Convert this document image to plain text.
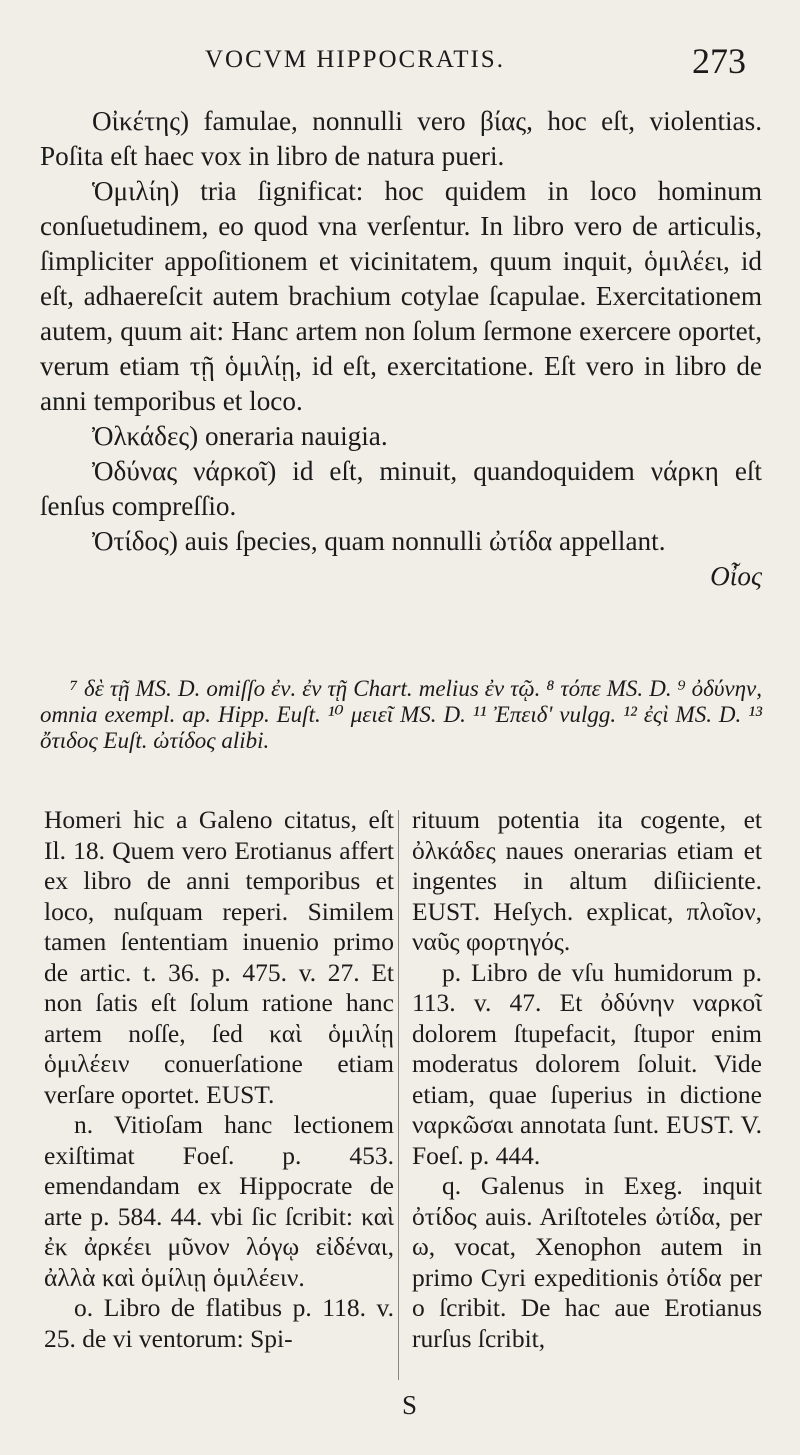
VOCVM HIPPOCRATIS.	273

Οἰκέτης) famulae, nonnulli vero βίας, hoc eſt, violentias. Poſita eſt haec vox in libro de natura pueri.

Ὁμιλίη) tria ſignificat: hoc quidem in loco hominum conſuetudinem, eo quod vna verſentur. In libro vero de articulis, ſimpliciter appoſitionem et vicinitatem, quum inquit, ὁμιλέει, id eſt, adhaereſcit autem brachium cotylae ſcapulae. Exercitationem autem, quum ait: Hanc artem non ſolum ſermone exercere oportet, verum etiam τῇ ὁμιλίῃ, id eſt, exercitatione. Eſt vero in libro de anni temporibus et loco.

Ὀλκάδες) oneraria nauigia.

Ὀδύνας νάρκοῖ) id eſt, minuit, quandoquidem νάρκη eſt ſenſus compreſſio.

Ὀτίδος) auis ſpecies, quam nonnulli ὠτίδα appellant.

Οἶος

⁷ δὲ τῇ MS. D. omiſſo ἐν. ἐν τῇ Chart. melius ἐν τῷ. ⁸ τόπε MS. D. ⁹ ὀδύνην, omnia exempl. ap. Hipp. Euſt. ¹⁰ μειεῖ MS. D. ¹¹ Ἐπειδ' vulgg. ¹² ἐςὶ MS. D. ¹³ ὄτιδος Euſt. ὠτίδος alibi.

Homeri hic a Galeno citatus, eſt Il. 18. Quem vero Erotianus affert ex libro de anni temporibus et loco, nuſquam reperi. Similem tamen ſententiam inuenio primo de artic. t. 36. p. 475. v. 27. Et non ſatis eſt ſolum ratione hanc artem noſſe, ſed καὶ ὁμιλίῃ ὁμιλέειν conuerſatione etiam verſare oportet. EUST.

n. Vitioſam hanc lectionem exiſtimat Foeſ. p. 453. emendandam ex Hippocrate de arte p. 584. 44. vbi ſic ſcribit: καὶ ἐκ ἀρκέει μῦνον λόγῳ εἰδέναι, ἀλλὰ καὶ ὁμίλιῃ ὁμιλέειν.

o. Libro de flatibus p. 118. v. 25. de vi ventorum: Spi-

rituum potentia ita cogente, et ὀλκάδες naues onerarias etiam et ingentes in altum diſiiciente. EUST. Heſych. explicat, πλοῖον, ναῦς φορτηγός.

p. Libro de vſu humidorum p. 113. v. 47. Et ὀδύνην ναρκοῖ dolorem ſtupefacit, ſtupor enim moderatus dolorem ſoluit. Vide etiam, quae ſuperius in dictione ναρκῶσαι annotata ſunt. EUST. V. Foeſ. p. 444.

q. Galenus in Exeg. inquit ὀτίδος auis. Ariſtoteles ὠτίδα, per ω, vocat, Xenophon autem in primo Cyri expeditionis ὀτίδα per ο ſcribit. De hac aue Erotianus rurſus ſcribit,

S
